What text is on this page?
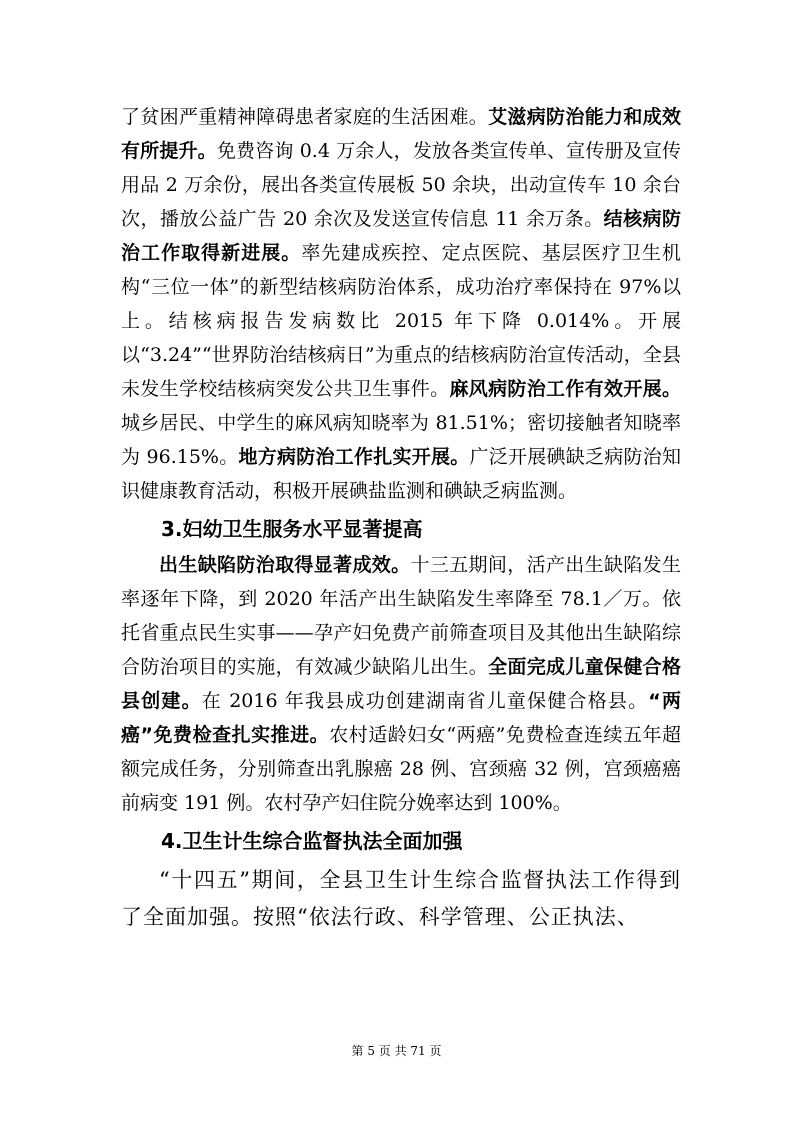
了贫困严重精神障碍患者家庭的生活困难。艾滋病防治能力和成效有所提升。免费咨询 0.4 万余人，发放各类宣传单、宣传册及宣传用品 2 万余份，展出各类宣传展板 50 余块，出动宣传车 10 余台次，播放公益广告 20 余次及发送宣传信息 11 余万条。结核病防治工作取得新进展。率先建成疾控、定点医院、基层医疗卫生机构“三位一体”的新型结核病防治体系，成功治疗率保持在 97%以上。结核病报告发病数比 2015 年下降 0.014%。开展以“3.24”“世界防治结核病日”为重点的结核病防治宣传活动，全县未发生学校结核病突发公共卫生事件。麻风病防治工作有效开展。城乡居民、中学生的麻风病知晓率为 81.51%；密切接触者知晓率为 96.15%。地方病防治工作扎实开展。广泛开展碘缺乏病防治知识健康教育活动，积极开展碘盐监测和碘缺乏病监测。

3.妇幼卫生服务水平显著提高

出生缺陷防治取得显著成效。十三五期间，活产出生缺陷发生率逐年下降，到 2020 年活产出生缺陷发生率降至 78.1／万。依托省重点民生实事——孕产妇免费产前筛查项目及其他出生缺陷综合防治项目的实施，有效减少缺陷儿出生。全面完成儿童保健合格县创建。在 2016 年我县成功创建湖南省儿童保健合格县。“两癌”免费检查扎实推进。农村适龄妇女“两癌”免费检查连续五年超额完成任务，分别筛查出乳腺癌 28 例、宫颈癌 32 例，宫颈癌癌前病变 191 例。农村孕产妇住院分娩率达到 100%。

4.卫生计生综合监督执法全面加强

“十四五”期间，全县卫生计生综合监督执法工作得到了全面加强。按照“依法行政、科学管理、公正执法、

第 5 页 共 71 页
